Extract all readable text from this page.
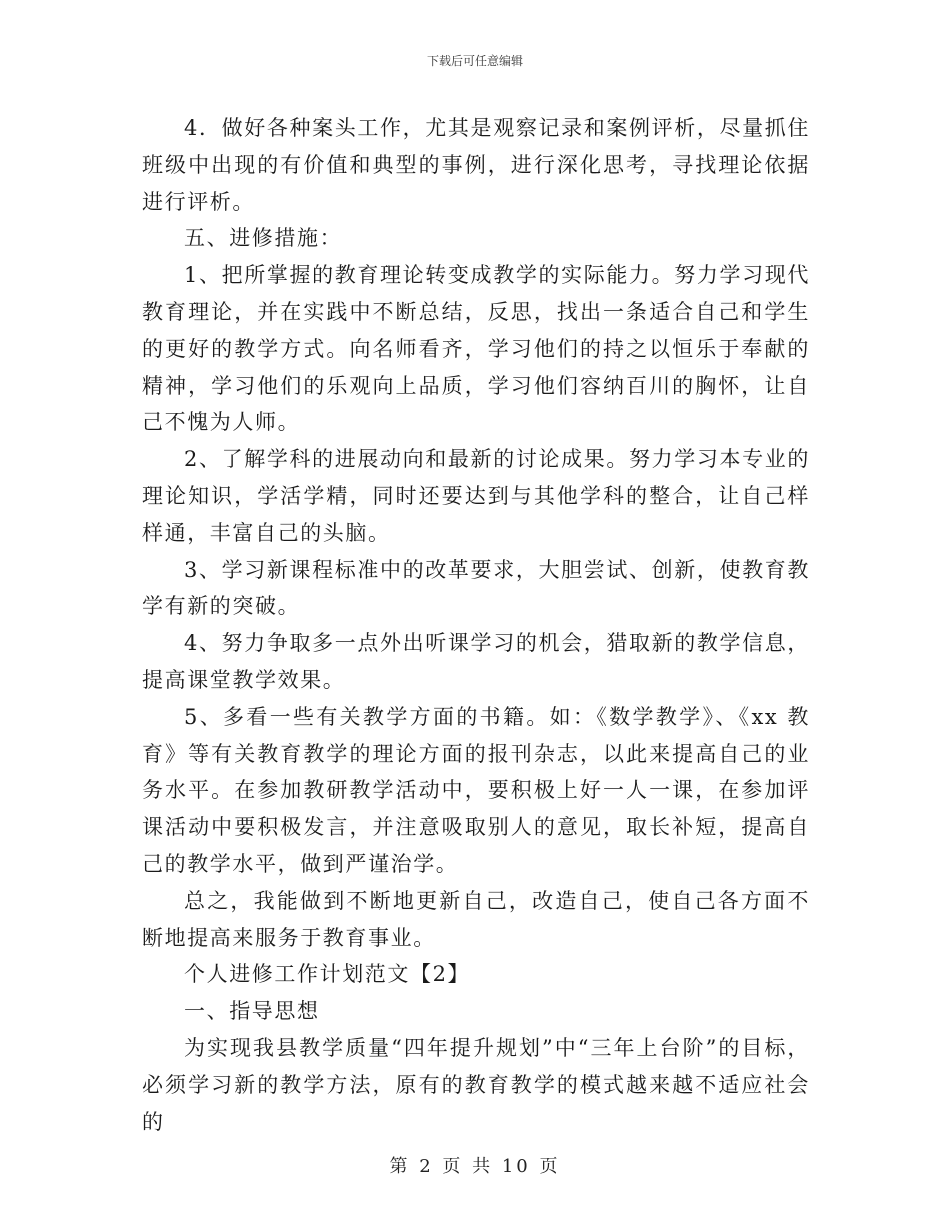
下载后可任意编辑

4．做好各种案头工作，尤其是观察记录和案例评析，尽量抓住班级中出现的有价值和典型的事例，进行深化思考，寻找理论依据进行评析。

五、进修措施：

1、把所掌握的教育理论转变成教学的实际能力。努力学习现代教育理论，并在实践中不断总结，反思，找出一条适合自己和学生的更好的教学方式。向名师看齐，学习他们的持之以恒乐于奉献的精神，学习他们的乐观向上品质，学习他们容纳百川的胸怀，让自己不愧为人师。

2、了解学科的进展动向和最新的讨论成果。努力学习本专业的理论知识，学活学精，同时还要达到与其他学科的整合，让自己样样通，丰富自己的头脑。

3、学习新课程标准中的改革要求，大胆尝试、创新，使教育教学有新的突破。

4、努力争取多一点外出听课学习的机会，猎取新的教学信息，提高课堂教学效果。

5、多看一些有关教学方面的书籍。如：《数学教学》、《xx 教育》等有关教育教学的理论方面的报刊杂志，以此来提高自己的业务水平。在参加教研教学活动中，要积极上好一人一课，在参加评课活动中要积极发言，并注意吸取别人的意见，取长补短，提高自己的教学水平，做到严谨治学。

总之，我能做到不断地更新自己，改造自己，使自己各方面不断地提高来服务于教育事业。

个人进修工作计划范文【2】

一、指导思想

为实现我县教学质量“四年提升规划”中“三年上台阶”的目标，必须学习新的教学方法，原有的教育教学的模式越来越不适应社会的

第 2 页 共 10 页
